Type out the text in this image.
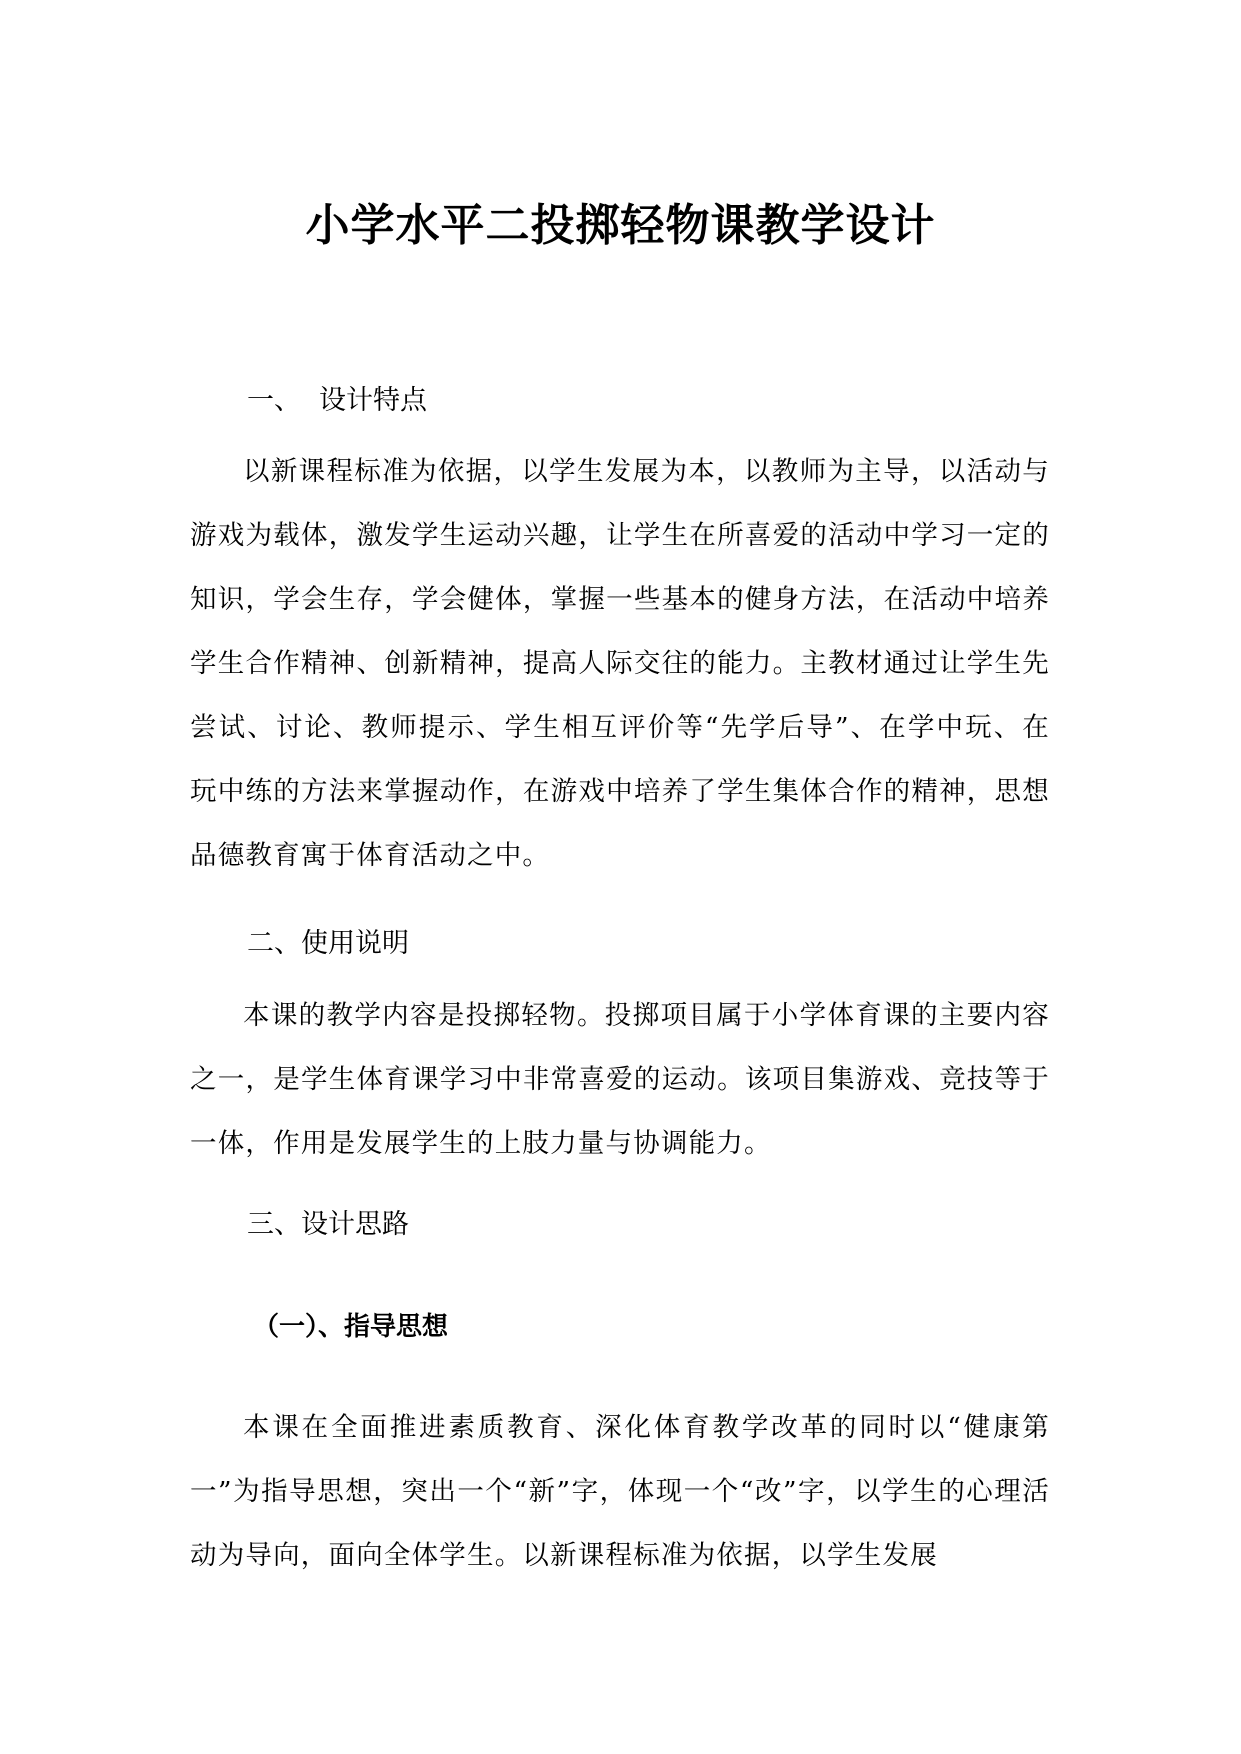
小学水平二投掷轻物课教学设计
一、 设计特点

以新课程标准为依据，以学生发展为本，以教师为主导，以活动与游戏为载体，激发学生运动兴趣，让学生在所喜爱的活动中学习一定的知识，学会生存，学会健体，掌握一些基本的健身方法，在活动中培养学生合作精神、创新精神，提高人际交往的能力。主教材通过让学生先尝试、讨论、教师提示、学生相互评价等“先学后导”、在学中玩、在玩中练的方法来掌握动作，在游戏中培养了学生集体合作的精神，思想品德教育寓于体育活动之中。

二、使用说明

本课的教学内容是投掷轻物。投掷项目属于小学体育课的主要内容之一，是学生体育课学习中非常喜爱的运动。该项目集游戏、竞技等于一体，作用是发展学生的上肢力量与协调能力。

三、设计思路
（一）、指导思想

本课在全面推进素质教育、深化体育教学改革的同时以“健康第一”为指导思想，突出一个“新”字，体现一个“改”字，以学生的心理活动为导向，面向全体学生。以新课程标准为依据，以学生发展
